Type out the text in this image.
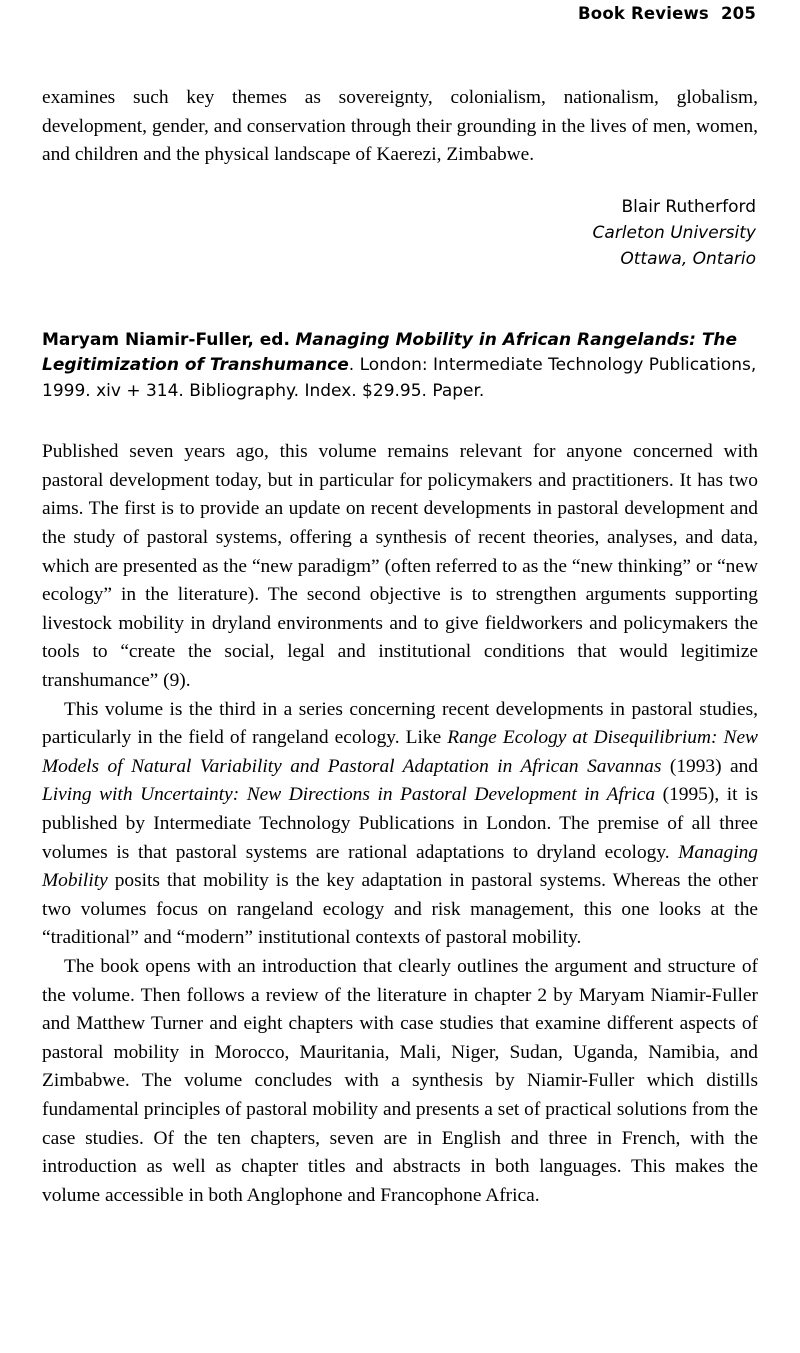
Book Reviews 205

examines such key themes as sovereignty, colonialism, nationalism, globalism, development, gender, and conservation through their grounding in the lives of men, women, and children and the physical landscape of Kaerezi, Zimbabwe.

Blair Rutherford
Carleton University
Ottawa, Ontario
Maryam Niamir-Fuller, ed. Managing Mobility in African Rangelands: The Legitimization of Transhumance. London: Intermediate Technology Publications, 1999. xiv + 314. Bibliography. Index. $29.95. Paper.

Published seven years ago, this volume remains relevant for anyone concerned with pastoral development today, but in particular for policymakers and practitioners. It has two aims. The first is to provide an update on recent developments in pastoral development and the study of pastoral systems, offering a synthesis of recent theories, analyses, and data, which are presented as the “new paradigm” (often referred to as the “new thinking” or “new ecology” in the literature). The second objective is to strengthen arguments supporting livestock mobility in dryland environments and to give fieldworkers and policymakers the tools to “create the social, legal and institutional conditions that would legitimize transhumance” (9).

This volume is the third in a series concerning recent developments in pastoral studies, particularly in the field of rangeland ecology. Like Range Ecology at Disequilibrium: New Models of Natural Variability and Pastoral Adaptation in African Savannas (1993) and Living with Uncertainty: New Directions in Pastoral Development in Africa (1995), it is published by Intermediate Technology Publications in London. The premise of all three volumes is that pastoral systems are rational adaptations to dryland ecology. Managing Mobility posits that mobility is the key adaptation in pastoral systems. Whereas the other two volumes focus on rangeland ecology and risk management, this one looks at the “traditional” and “modern” institutional contexts of pastoral mobility.

The book opens with an introduction that clearly outlines the argument and structure of the volume. Then follows a review of the literature in chapter 2 by Maryam Niamir-Fuller and Matthew Turner and eight chapters with case studies that examine different aspects of pastoral mobility in Morocco, Mauritania, Mali, Niger, Sudan, Uganda, Namibia, and Zimbabwe. The volume concludes with a synthesis by Niamir-Fuller which distills fundamental principles of pastoral mobility and presents a set of practical solutions from the case studies. Of the ten chapters, seven are in English and three in French, with the introduction as well as chapter titles and abstracts in both languages. This makes the volume accessible in both Anglophone and Francophone Africa.
